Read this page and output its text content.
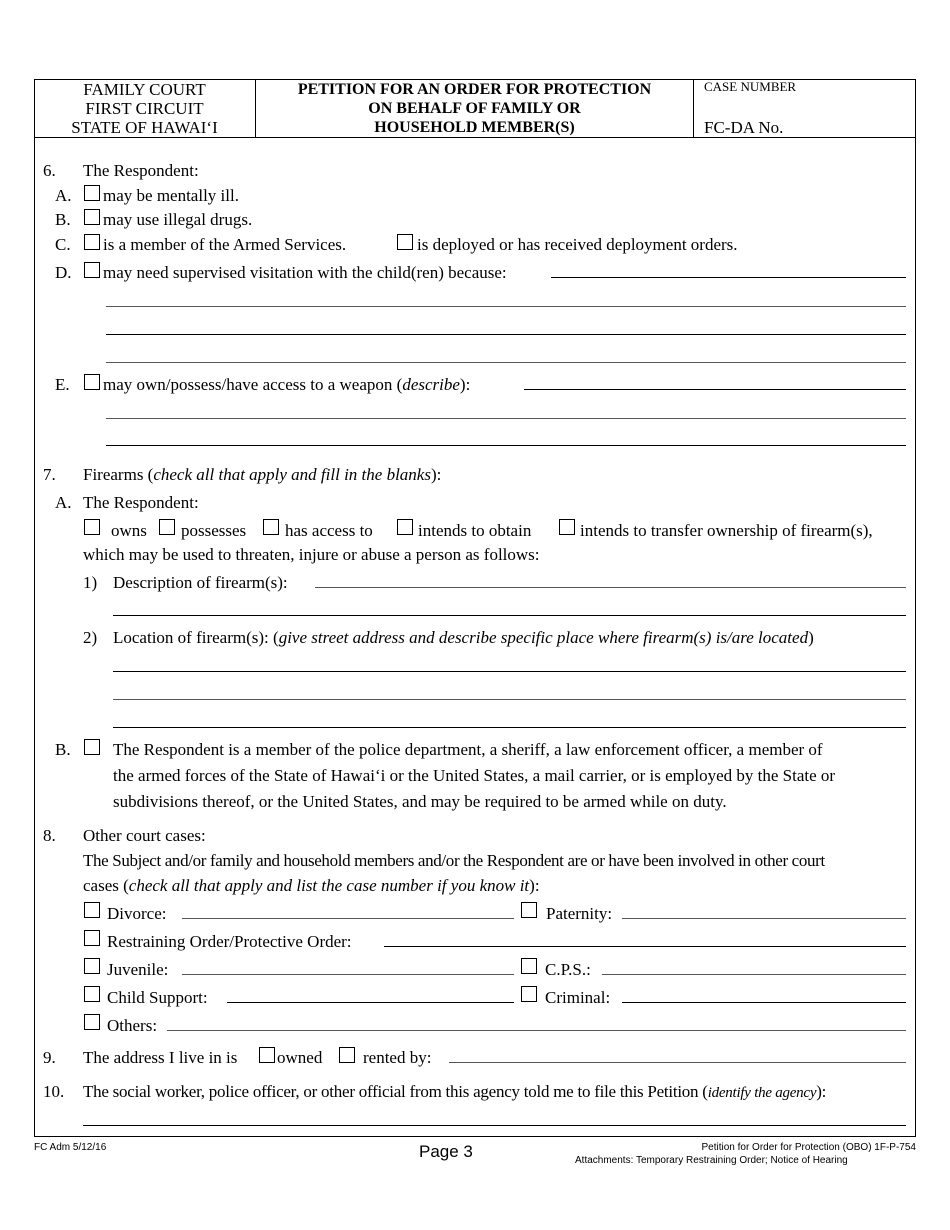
FAMILY COURT
FIRST CIRCUIT
STATE OF HAWAI‘I
PETITION FOR AN ORDER FOR PROTECTION
ON BEHALF OF FAMILY OR
HOUSEHOLD MEMBER(S)
CASE NUMBER
FC-DA No.
6. The Respondent:
A. may be mentally ill.
B. may use illegal drugs.
C. is a member of the Armed Services.	is deployed or has received deployment orders.
D. may need supervised visitation with the child(ren) because:
E. may own/possess/have access to a weapon (describe):
7. Firearms (check all that apply and fill in the blanks):
A. The Respondent:
owns possesses has access to	intends to obtain	intends to transfer ownership of firearm(s),
which may be used to threaten, injure or abuse a person as follows:
1) Description of firearm(s):
2) Location of firearm(s): (give street address and describe specific place where firearm(s) is/are located)
B. The Respondent is a member of the police department, a sheriff, a law enforcement officer, a member of
the armed forces of the State of Hawai‘i or the United States, a mail carrier, or is employed by the State or
subdivisions thereof, or the United States, and may be required to be armed while on duty.
8. Other court cases:
The Subject and/or family and household members and/or the Respondent are or have been involved in other court
cases (check all that apply and list the case number if you know it):
Divorce:	Paternity:
Restraining Order/Protective Order:
Juvenile:	C.P.S.:
Child Support:	Criminal:
Others:
9. The address I live in is owned rented by:
10. The social worker, police officer, or other official from this agency told me to file this Petition (identify the agency):
FC Adm 5/12/16	Page 3	Petition for Order for Protection (OBO) 1F-P-754
Attachments: Temporary Restraining Order; Notice of Hearing
